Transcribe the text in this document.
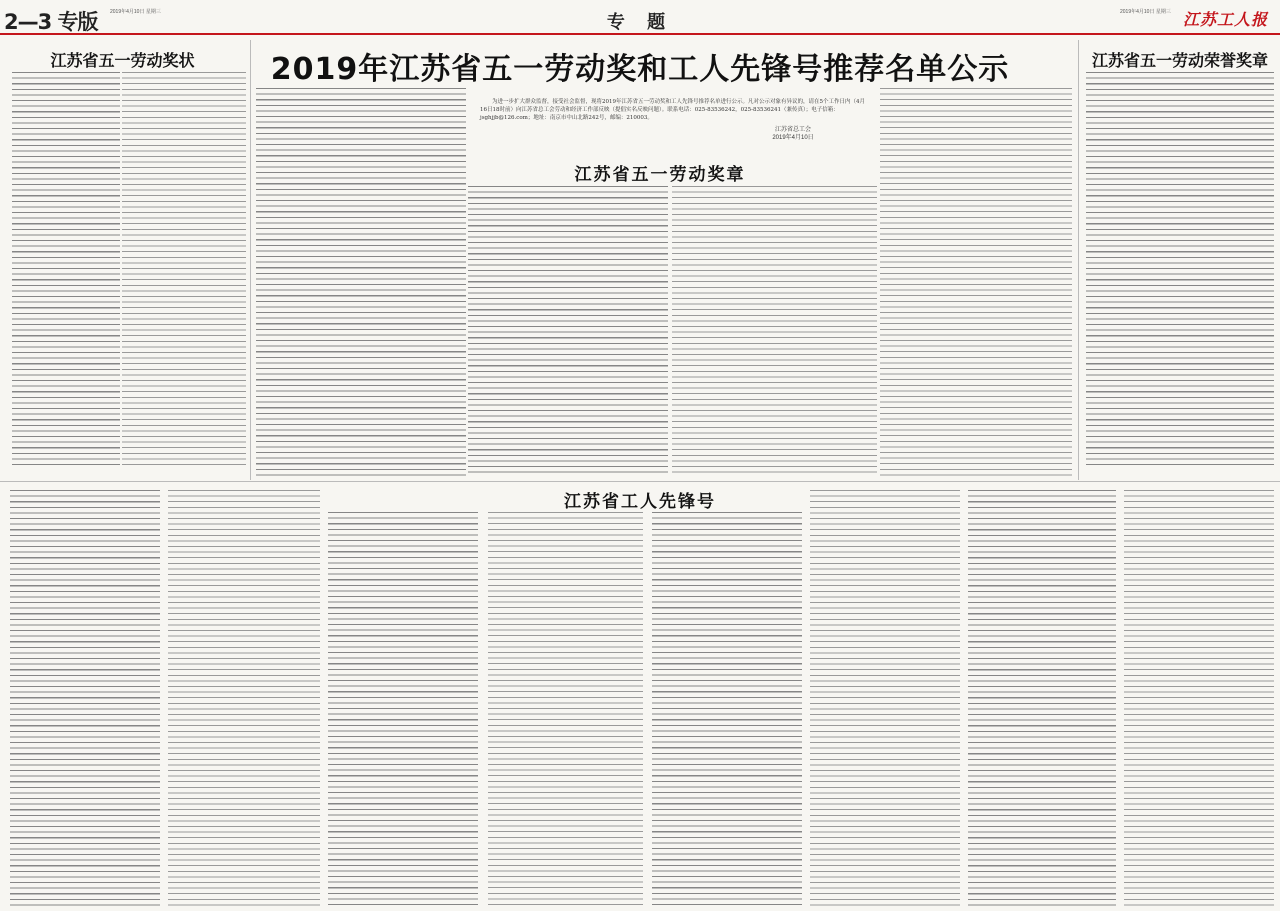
2—3 专版 2019年4月10日 星期三	专 题	2019年4月10日 星期三 江苏工人报
江苏省五一劳动奖状	江苏省五一劳动荣誉奖章
2019年江苏省五一劳动奖和工人先锋号推荐名单公示
为进一步扩大群众监督，接受社会监督，现将2019年江苏省五一劳动奖和工人先锋号推荐名单进行公示。凡对公示对象有异议的，请在5个工作日内（4月16日18时前）向江苏省总工会劳动和经济工作部反映（提倡实名反映问题）。联系电话：025-83536242，025-83536241（兼传真）；电子信箱：jsghjjb@126.com；地址：南京市中山北路242号，邮编：210003。
江苏省总工会
2019年4月10日
江苏省五一劳动奖章
江苏省工人先锋号
